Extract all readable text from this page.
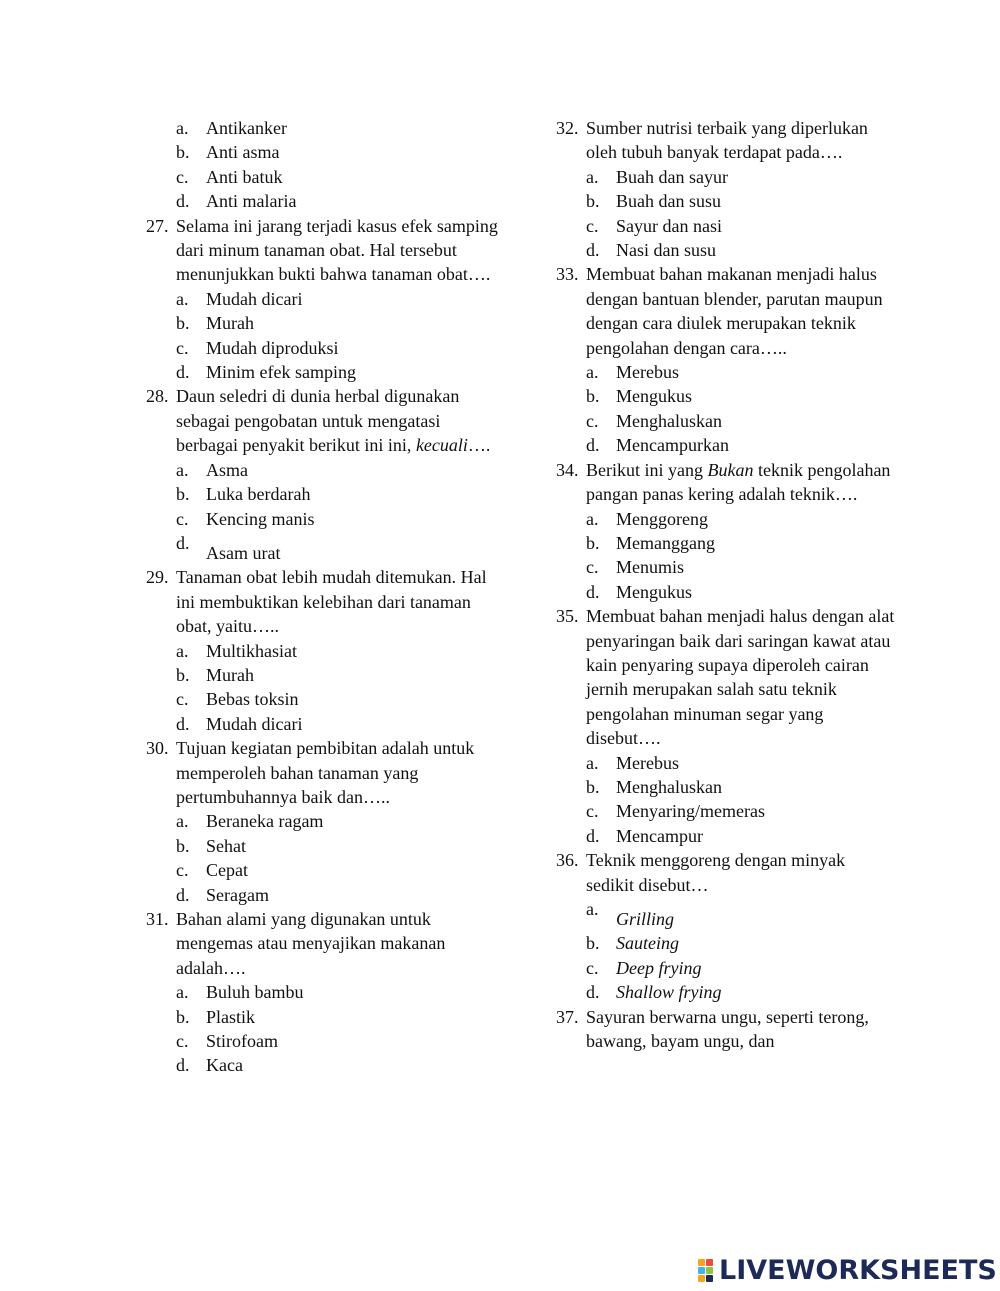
a. Antikanker
b. Anti asma
c. Anti batuk
d. Anti malaria
27. Selama ini jarang terjadi kasus efek samping dari minum tanaman obat. Hal tersebut menunjukkan bukti bahwa tanaman obat….
a. Mudah dicari
b. Murah
c. Mudah diproduksi
d. Minim efek samping
28. Daun seledri di dunia herbal digunakan sebagai pengobatan untuk mengatasi berbagai penyakit berikut ini ini, kecuali….
a. Asma
b. Luka berdarah
c. Kencing manis
d. Asam urat
29. Tanaman obat lebih mudah ditemukan. Hal ini membuktikan kelebihan dari tanaman obat, yaitu…..
a. Multikhasiat
b. Murah
c. Bebas toksin
d. Mudah dicari
30. Tujuan kegiatan pembibitan adalah untuk memperoleh bahan tanaman yang pertumbuhannya baik dan…..
a. Beraneka ragam
b. Sehat
c. Cepat
d. Seragam
31. Bahan alami yang digunakan untuk mengemas atau menyajikan makanan adalah….
a. Buluh bambu
b. Plastik
c. Stirofoam
d. Kaca
32. Sumber nutrisi terbaik yang diperlukan oleh tubuh banyak terdapat pada….
a. Buah dan sayur
b. Buah dan susu
c. Sayur dan nasi
d. Nasi dan susu
33. Membuat bahan makanan menjadi halus dengan bantuan blender, parutan maupun dengan cara diulek merupakan teknik pengolahan dengan cara…..
a. Merebus
b. Mengukus
c. Menghaluskan
d. Mencampurkan
34. Berikut ini yang Bukan teknik pengolahan pangan panas kering adalah teknik….
a. Menggoreng
b. Memanggang
c. Menumis
d. Mengukus
35. Membuat bahan menjadi halus dengan alat penyaringan baik dari saringan kawat atau kain penyaring supaya diperoleh cairan jernih merupakan salah satu teknik pengolahan minuman segar yang disebut….
a. Merebus
b. Menghaluskan
c. Menyaring/memeras
d. Mencampur
36. Teknik menggoreng dengan minyak sedikit disebut…
a. Grilling
b. Sauteing
c. Deep frying
d. Shallow frying
37. Sayuran berwarna ungu, seperti terong, bawang, bayam ungu, dan
LIVEWORKSHEETS
